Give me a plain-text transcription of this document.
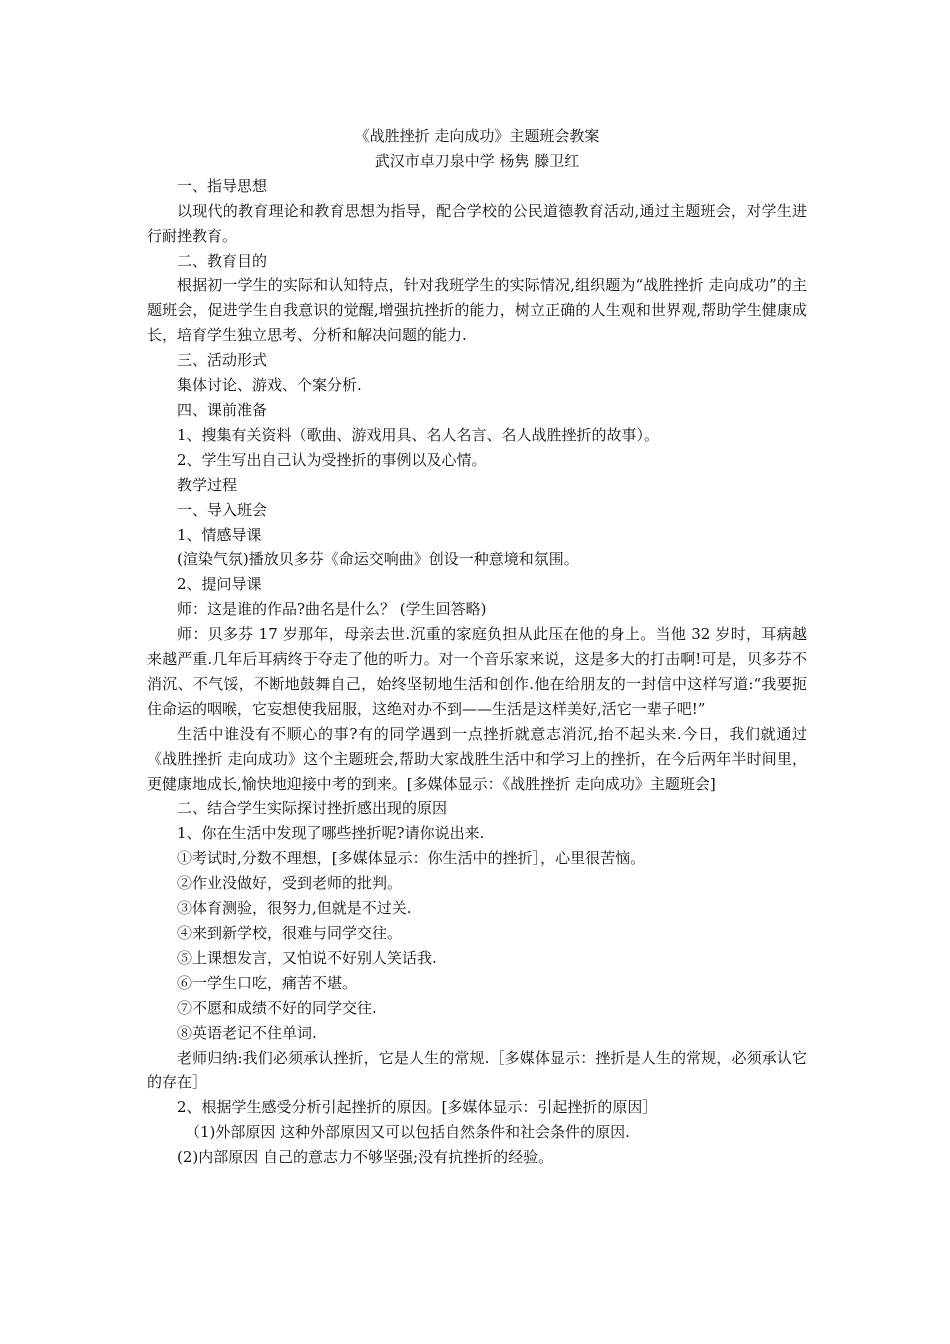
《战胜挫折 走向成功》主题班会教案
武汉市卓刀泉中学 杨隽 滕卫红

一、指导思想

以现代的教育理论和教育思想为指导，配合学校的公民道德教育活动,通过主题班会，对学生进行耐挫教育。

二、教育目的

根据初一学生的实际和认知特点，针对我班学生的实际情况,组织题为“战胜挫折 走向成功”的主题班会，促进学生自我意识的觉醒,增强抗挫折的能力，树立正确的人生观和世界观,帮助学生健康成长，培育学生独立思考、分析和解决问题的能力.

三、活动形式

集体讨论、游戏、个案分析.

四、课前准备

1、搜集有关资料（歌曲、游戏用具、名人名言、名人战胜挫折的故事）。

2、学生写出自己认为受挫折的事例以及心情。

教学过程

一、导入班会

1、情感导课

(渲染气氛)播放贝多芬《命运交响曲》创设一种意境和氛围。

2、提问导课

师：这是谁的作品?曲名是什么？ (学生回答略)

师：贝多芬 17 岁那年，母亲去世.沉重的家庭负担从此压在他的身上。当他 32 岁时，耳病越来越严重.几年后耳病终于夺走了他的听力。对一个音乐家来说，这是多大的打击啊!可是，贝多芬不消沉、不气馁，不断地鼓舞自己，始终坚韧地生活和创作.他在给朋友的一封信中这样写道:“我要扼住命运的咽喉，它妄想使我屈服，这绝对办不到——生活是这样美好,活它一辈子吧!”

生活中谁没有不顺心的事?有的同学遇到一点挫折就意志消沉,抬不起头来.今日，我们就通过《战胜挫折 走向成功》这个主题班会,帮助大家战胜生活中和学习上的挫折，在今后两年半时间里，更健康地成长,愉快地迎接中考的到来。[多媒体显示：《战胜挫折 走向成功》主题班会]

二、结合学生实际探讨挫折感出现的原因

1、你在生活中发现了哪些挫折呢?请你说出来.

①考试时,分数不理想，[多媒体显示：你生活中的挫折］，心里很苦恼。

②作业没做好，受到老师的批判。

③体育测验，很努力,但就是不过关.

④来到新学校，很难与同学交往。

⑤上课想发言，又怕说不好别人笑话我.

⑥一学生口吃，痛苦不堪。

⑦不愿和成绩不好的同学交往.

⑧英语老记不住单词.

老师归纳:我们必须承认挫折，它是人生的常规.［多媒体显示：挫折是人生的常规，必须承认它的存在］

2、根据学生感受分析引起挫折的原因。[多媒体显示：引起挫折的原因］

（1)外部原因 这种外部原因又可以包括自然条件和社会条件的原因.

(2)内部原因 自己的意志力不够坚强;没有抗挫折的经验。
